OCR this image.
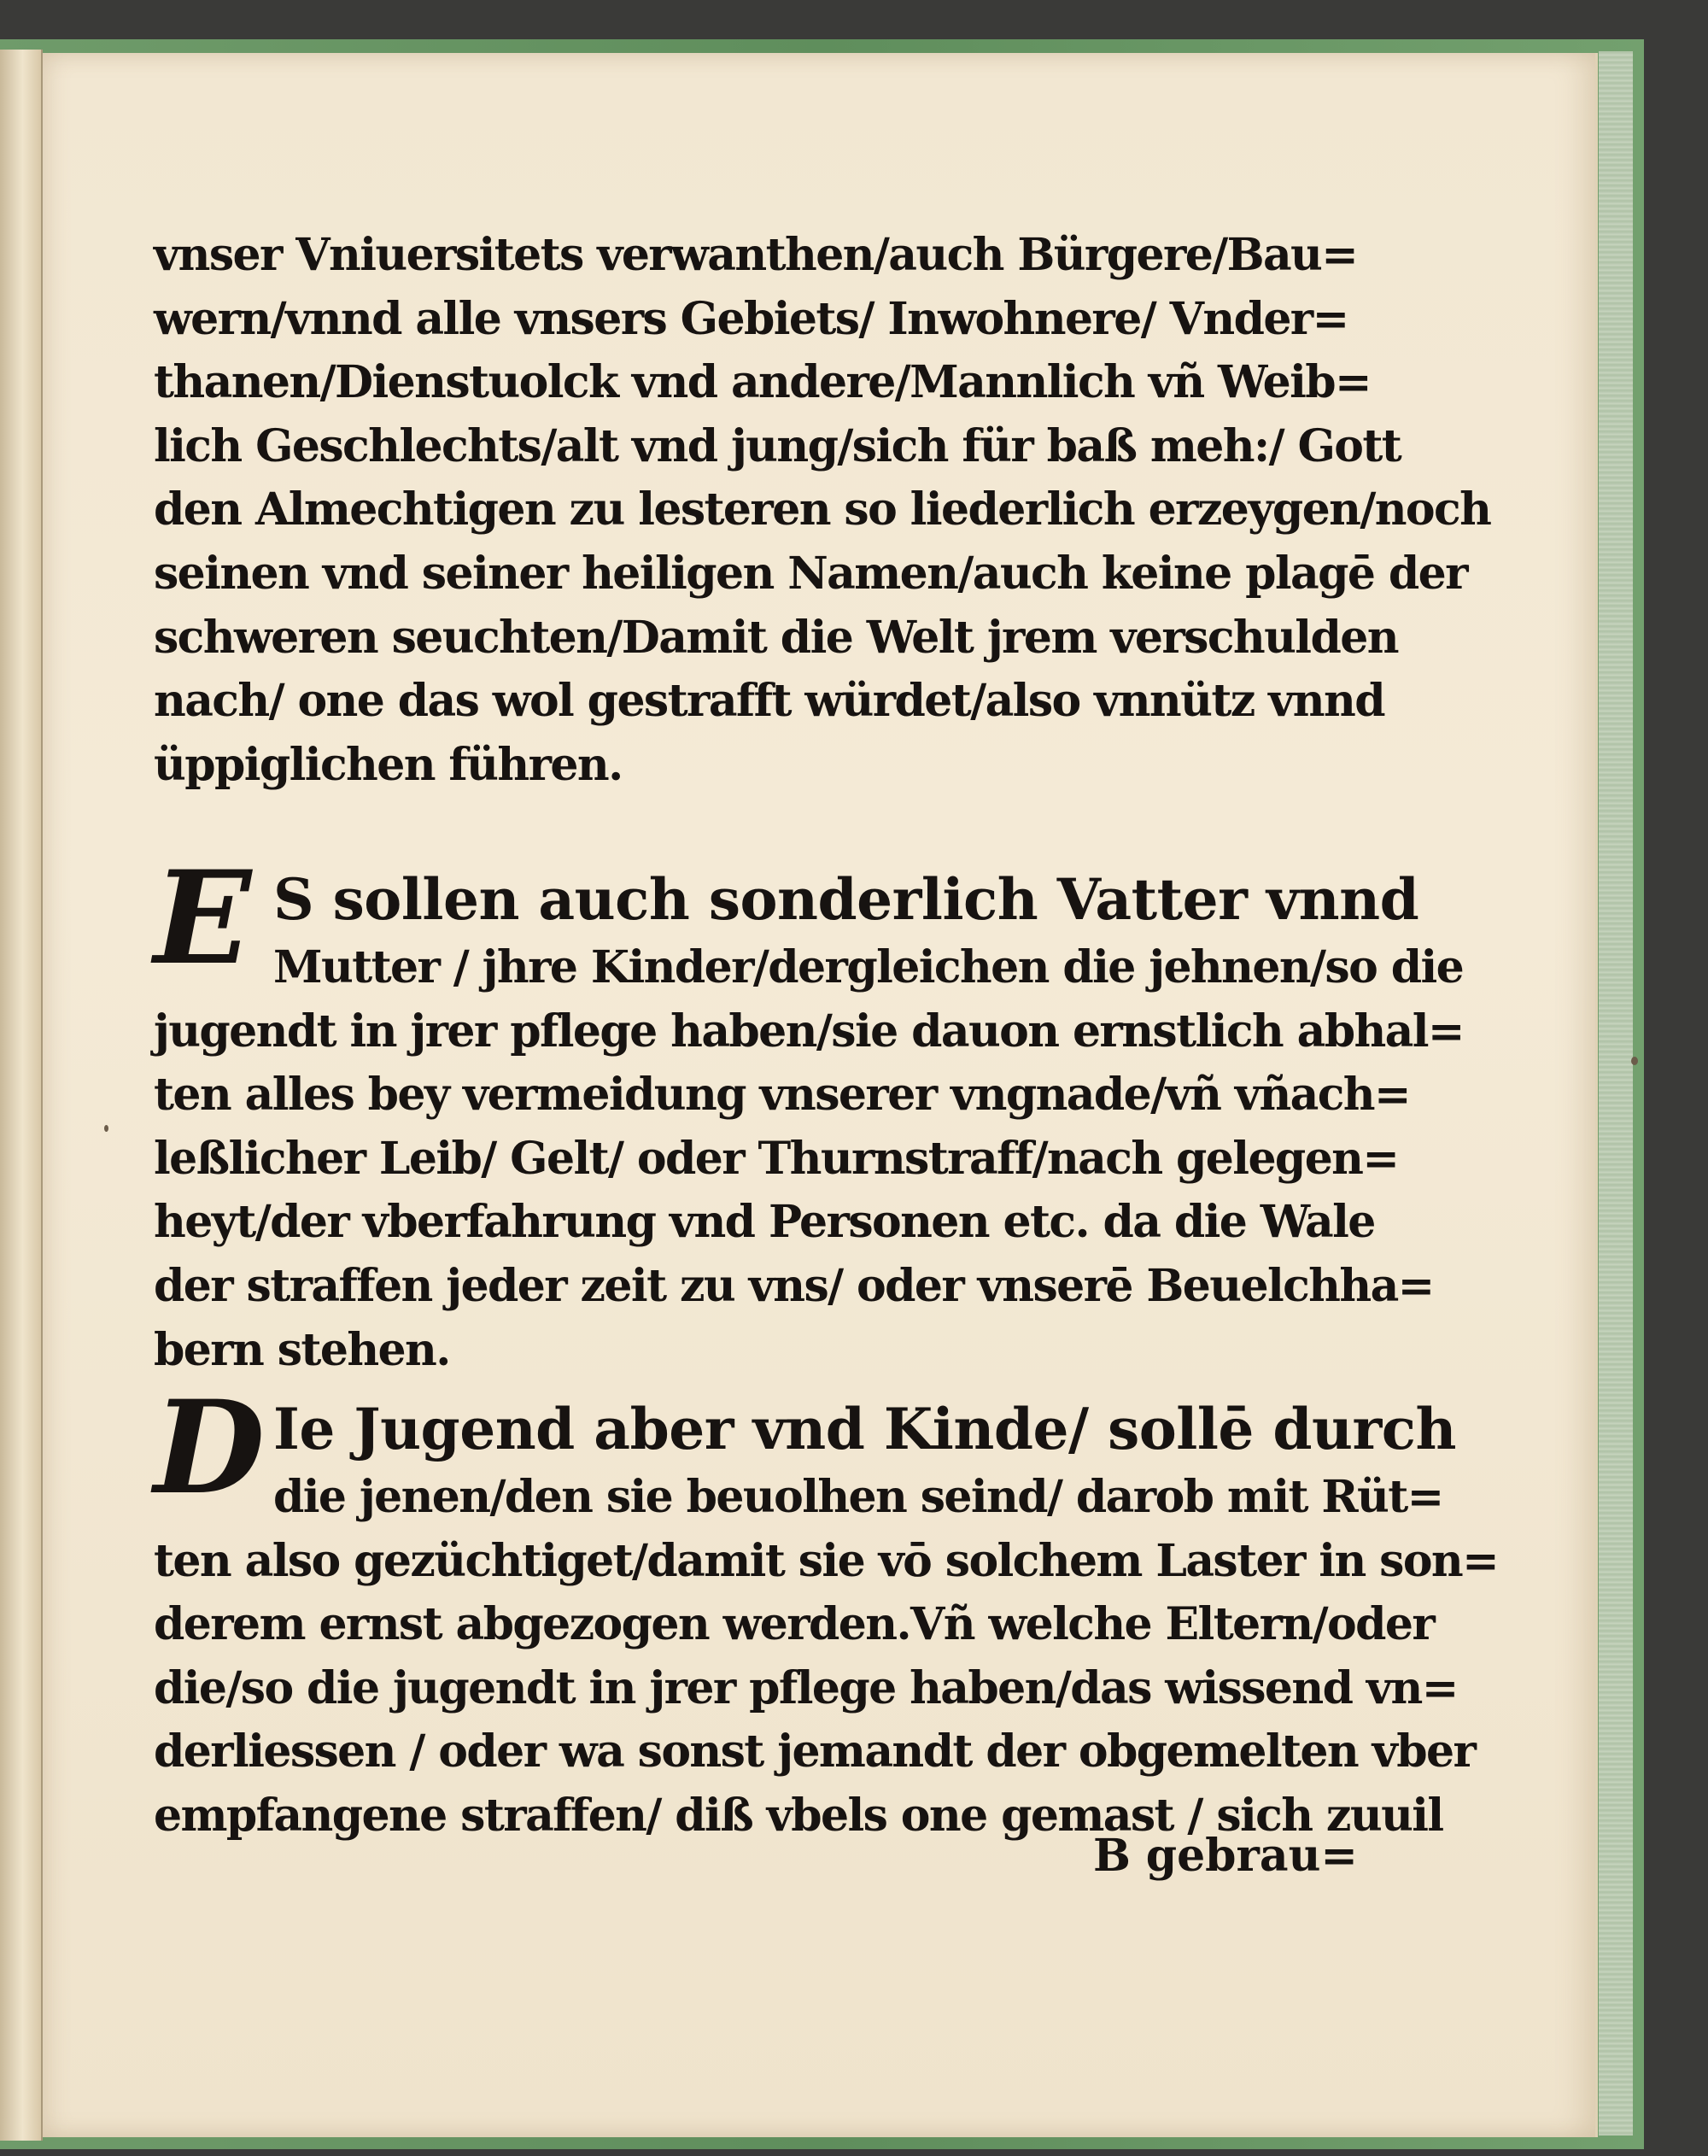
vnser Vniuersitets verwanthen/auch Bürgere/Bau=
wern/vnnd alle vnsers Gebiets/ Inwohnere/ Vnder=
thanen/Dienstuolck vnd andere/Mannlich vñ Weib=
lich Geschlechts/alt vnd jung/sich für baß meh:/ Gott
den Almechtigen zu lesteren so liederlich erzeygen/noch
seinen vnd seiner heiligen Namen/auch keine plagē der
schweren seuchten/Damit die Welt jrem verschulden
nach/ one das wol gestrafft würdet/also vnnütz vnnd
üppiglichen führen.
E S sollen auch sonderlich Vatter vnnd
Mutter / jhre Kinder/dergleichen die jehnen/so die
jugendt in jrer pflege haben/sie dauon ernstlich abhal=
ten alles bey vermeidung vnserer vngnade/vñ vñach=
leßlicher Leib/ Gelt/ oder Thurnstraff/nach gelegen=
heyt/der vberfahrung vnd Personen etc. da die Wale
der straffen jeder zeit zu vns/ oder vnserē Beuelchha=
bern stehen.
D Ie Jugend aber vnd Kinde/ sollē durch
die jenen/den sie beuolhen seind/ darob mit Rüt=
ten also gezüchtiget/damit sie vō solchem Laster in son=
derem ernst abgezogen werden.Vñ welche Eltern/oder
die/so die jugendt in jrer pflege haben/das wissend vn=
derliessen / oder wa sonst jemandt der obgemelten vber
empfangene straffen/ diß vbels one gemast / sich zuuil
B gebrau=
